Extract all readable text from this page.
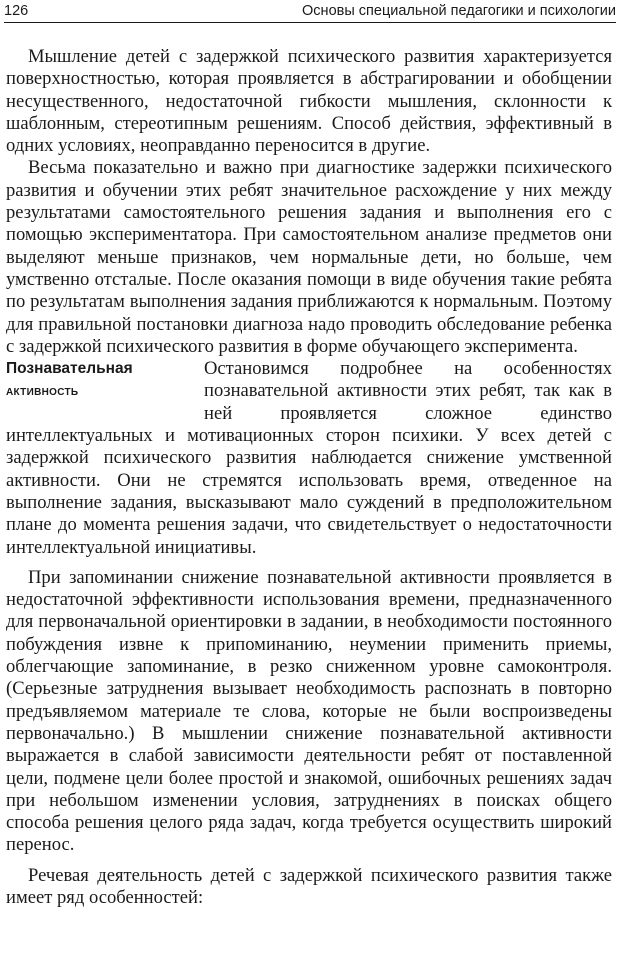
126	Основы специальной педагогики и психологии

Мышление детей с задержкой психического развития характеризуется поверхностностью, которая проявляется в абстрагировании и обобщении несущественного, недостаточной гибкости мышления, склонности к шаблонным, стереотипным решениям. Способ действия, эффективный в одних условиях, неоправданно переносится в другие.

Весьма показательно и важно при диагностике задержки психического развития и обучении этих ребят значительное расхождение у них между результатами самостоятельного решения задания и выполнения его с помощью экспериментатора. При самостоятельном анализе предметов они выделяют меньше признаков, чем нормальные дети, но больше, чем умственно отсталые. После оказания помощи в виде обучения такие ребята по результатам выполнения задания приближаются к нормальным. Поэтому для правильной постановки диагноза надо проводить обследование ребенка с задержкой психического развития в форме обучающего эксперимента.

Познавательная
активность

Остановимся подробнее на особенностях познавательной активности этих ребят, так как в ней проявляется сложное единство интеллектуальных и мотивационных сторон психики. У всех детей с задержкой психического развития наблюдается снижение умственной активности. Они не стремятся использовать время, отведенное на выполнение задания, высказывают мало суждений в предположительном плане до момента решения задачи, что свидетельствует о недостаточности интеллектуальной инициативы.

При запоминании снижение познавательной активности проявляется в недостаточной эффективности использования времени, предназначенного для первоначальной ориентировки в задании, в необходимости постоянного побуждения извне к припоминанию, неумении применить приемы, облегчающие запоминание, в резко сниженном уровне самоконтроля. (Серьезные затруднения вызывает необходимость распознать в повторно предъявляемом материале те слова, которые не были воспроизведены первоначально.) В мышлении снижение познавательной активности выражается в слабой зависимости деятельности ребят от поставленной цели, подмене цели более простой и знакомой, ошибочных решениях задач при небольшом изменении условия, затруднениях в поисках общего способа решения целого ряда задач, когда требуется осуществить широкий перенос.

Речевая деятельность детей с задержкой психического развития также имеет ряд особенностей:
